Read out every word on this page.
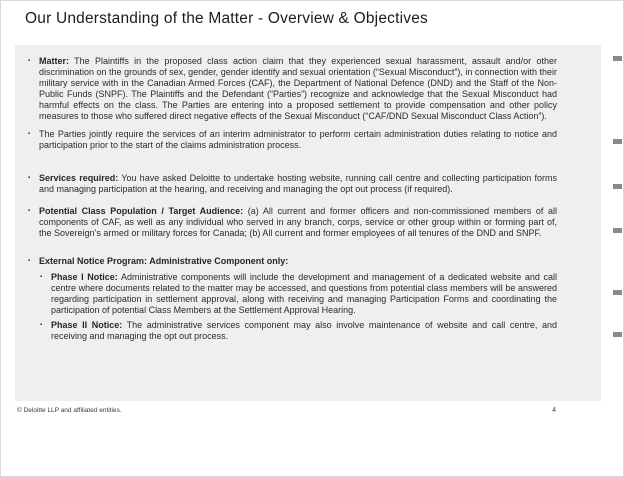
Our Understanding of the Matter - Overview & Objectives
▪ Matter: The Plaintiffs in the proposed class action claim that they experienced sexual harassment, assault and/or other discrimination on the grounds of sex, gender, gender identify and sexual orientation (“Sexual Misconduct”), in connection with their military service with in the Canadian Armed Forces (CAF), the Department of National Defence (DND) and the Staff of the Non-Public Funds (SNPF). The Plaintiffs and the Defendant (“Parties”) recognize and acknowledge that the Sexual Misconduct had harmful effects on the class. The Parties are entering into a proposed settlement to provide compensation and other policy measures to those who suffered direct negative effects of the Sexual Misconduct (“CAF/DND Sexual Misconduct Class Action”).
▪ The Parties jointly require the services of an interim administrator to perform certain administration duties relating to notice and participation prior to the start of the claims administration process.
▪ Services required: You have asked Deloitte to undertake hosting website, running call centre and collecting participation forms and managing participation at the hearing, and receiving and managing the opt out process (if required).
▪ Potential Class Population / Target Audience: (a) All current and former officers and non-commissioned members of all components of CAF, as well as any individual who served in any branch, corps, service or other group within or forming part of, the Sovereign’s armed or military forces for Canada; (b) All current and former employees of all tenures of the DND and SNPF.
▪ External Notice Program: Administrative Component only:
▪ Phase I Notice: Administrative components will include the development and management of a dedicated website and call centre where documents related to the matter may be accessed, and questions from potential class members will be answered regarding participation in settlement approval, along with receiving and managing Participation Forms and coordinating the participation of potential Class Members at the Settlement Approval Hearing.
▪ Phase II Notice: The administrative services component may also involve maintenance of website and call centre, and receiving and managing the opt out process.
© Deloitte LLP and affiliated entities.	4
